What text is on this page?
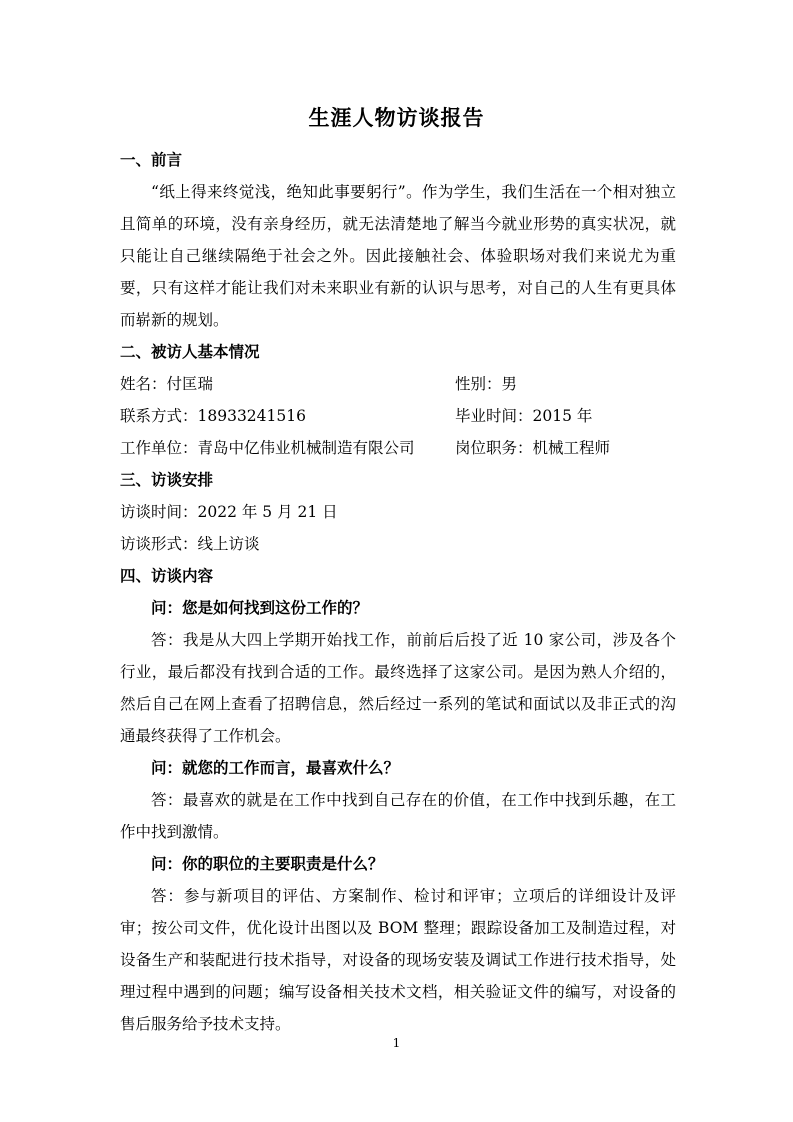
生涯人物访谈报告
一、前言

“纸上得来终觉浅，绝知此事要躬行”。作为学生，我们生活在一个相对独立且简单的环境，没有亲身经历，就无法清楚地了解当今就业形势的真实状况，就只能让自己继续隔绝于社会之外。因此接触社会、体验职场对我们来说尤为重要，只有这样才能让我们对未来职业有新的认识与思考，对自己的人生有更具体而崭新的规划。

二、被访人基本情况
姓名：付匡瑞	性别：男
联系方式：18933241516	毕业时间：2015 年
工作单位：青岛中亿伟业机械制造有限公司	岗位职务：机械工程师
三、访谈安排
访谈时间：2022 年 5 月 21 日
访谈形式：线上访谈
四、访谈内容
问：您是如何找到这份工作的？

答：我是从大四上学期开始找工作，前前后后投了近 10 家公司，涉及各个行业，最后都没有找到合适的工作。最终选择了这家公司。是因为熟人介绍的，然后自己在网上查看了招聘信息，然后经过一系列的笔试和面试以及非正式的沟通最终获得了工作机会。

问：就您的工作而言，最喜欢什么？

答：最喜欢的就是在工作中找到自己存在的价值，在工作中找到乐趣，在工作中找到激情。

问：你的职位的主要职责是什么？

答：参与新项目的评估、方案制作、检讨和评审；立项后的详细设计及评审；按公司文件，优化设计出图以及 BOM 整理；跟踪设备加工及制造过程，对设备生产和装配进行技术指导，对设备的现场安装及调试工作进行技术指导，处理过程中遇到的问题；编写设备相关技术文档，相关验证文件的编写，对设备的售后服务给予技术支持。

1
